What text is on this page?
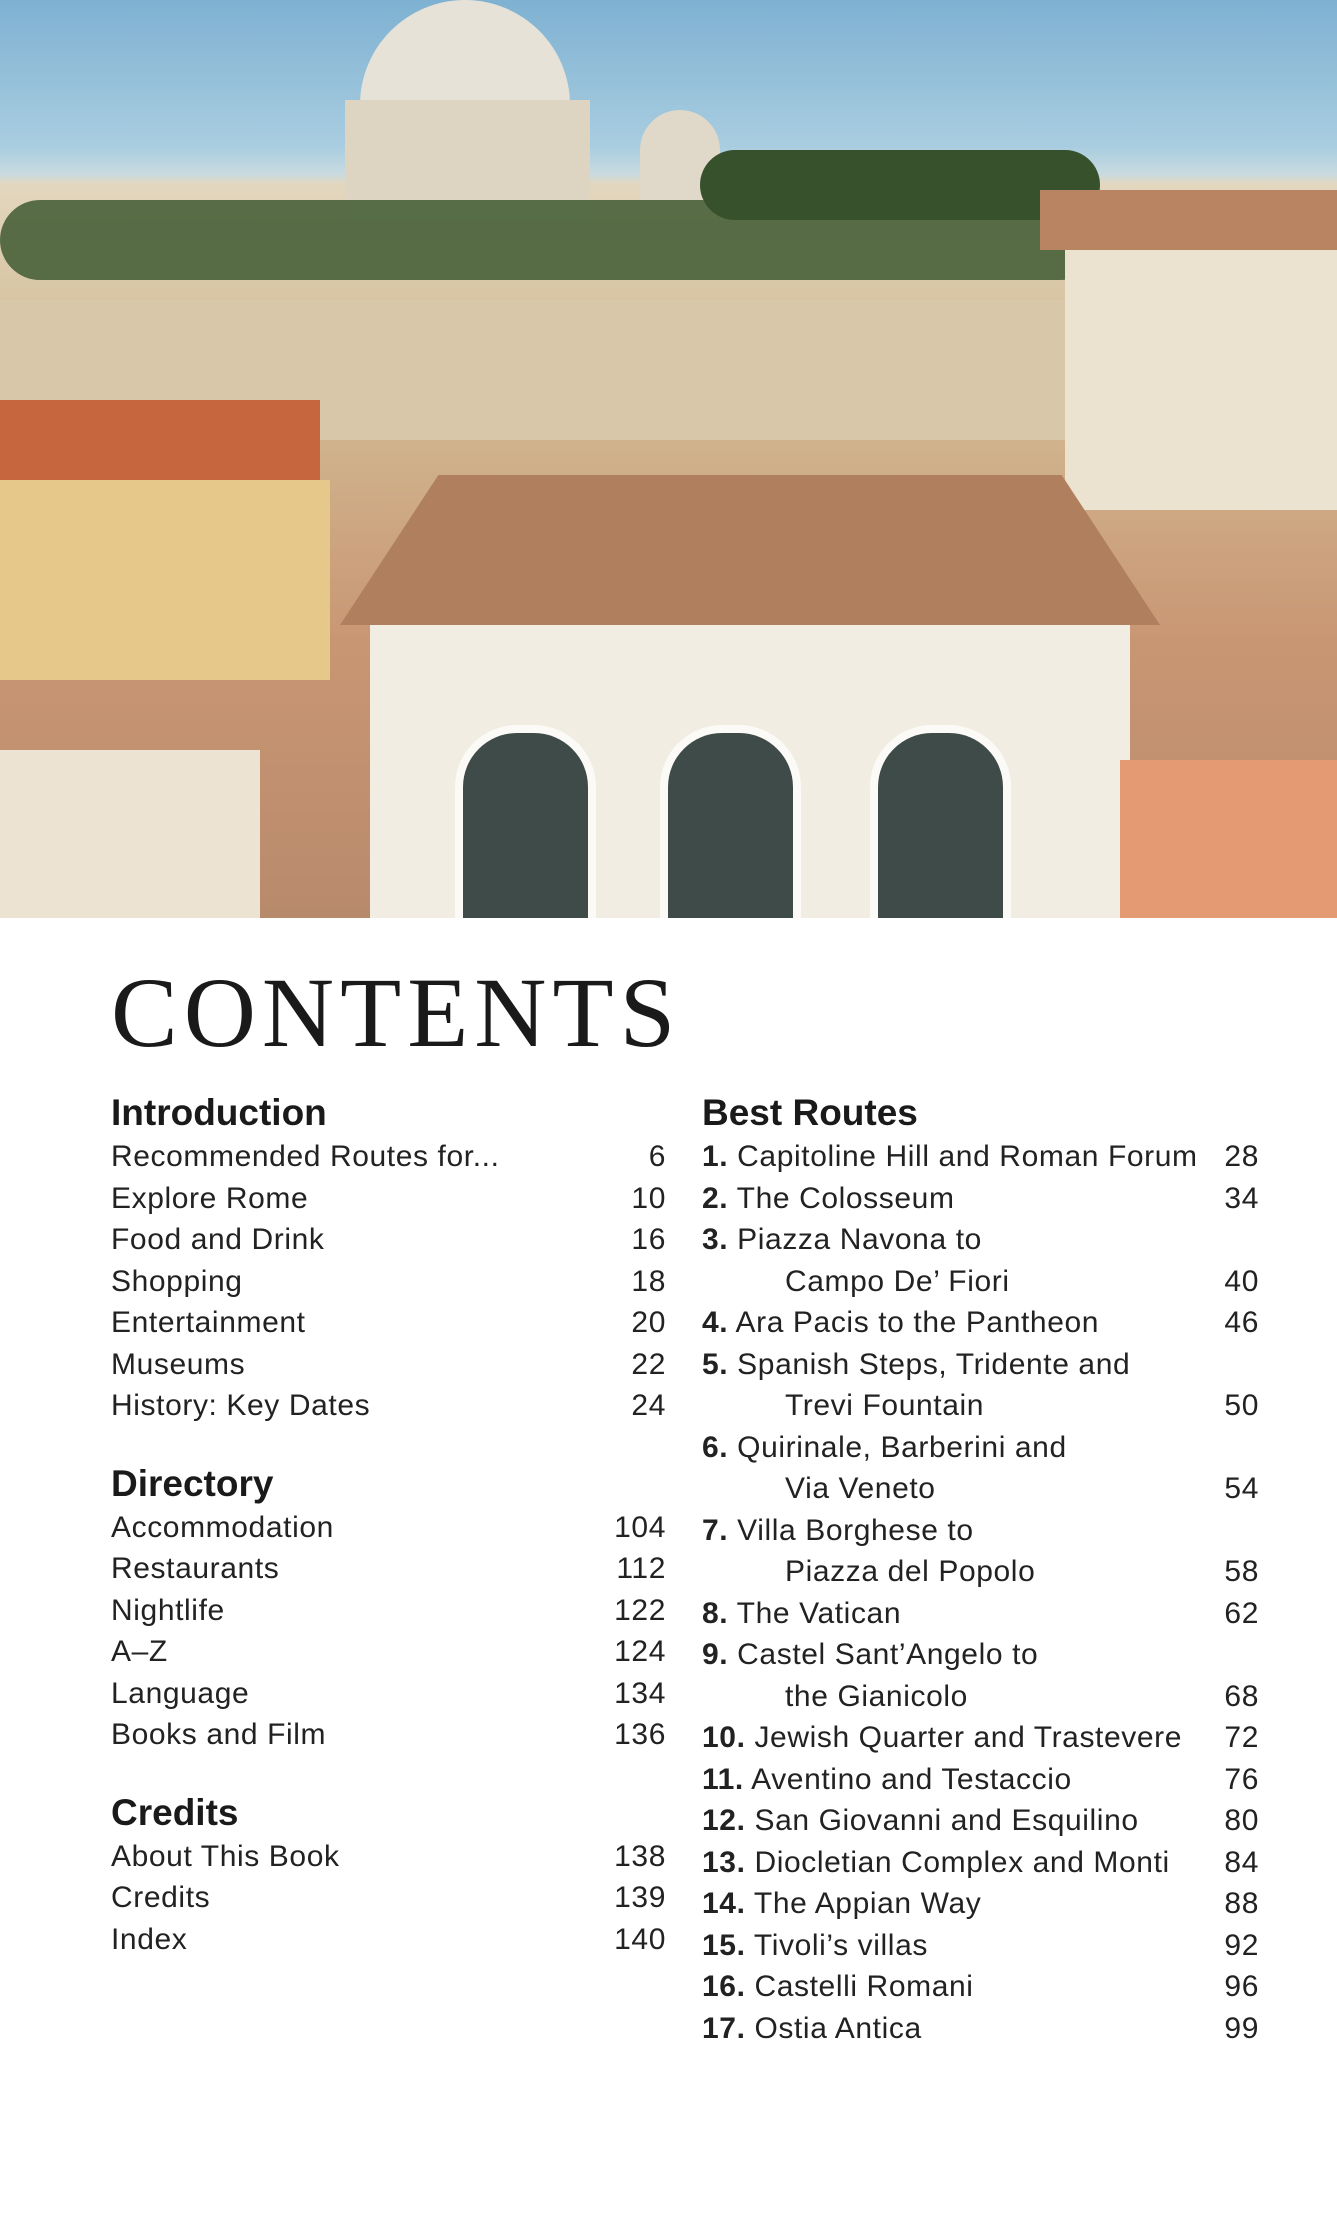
CONTENTS
Introduction
Recommended Routes for...	6
Explore Rome	10
Food and Drink	16
Shopping	18
Entertainment	20
Museums	22
History: Key Dates	24
Directory
Accommodation	104
Restaurants	112
Nightlife	122
A–Z	124
Language	134
Books and Film	136
Credits
About This Book	138
Credits	139
Index	140
Best Routes
1. Capitoline Hill and Roman Forum 28
2. The Colosseum	34
3. Piazza Navona to
Campo De’ Fiori	40
4. Ara Pacis to the Pantheon	46
5. Spanish Steps, Tridente and
Trevi Fountain	50
6. Quirinale, Barberini and
Via Veneto	54
7. Villa Borghese to
Piazza del Popolo	58
8. The Vatican	62
9. Castel Sant’Angelo to
the Gianicolo	68
10. Jewish Quarter and Trastevere 72
11. Aventino and Testaccio	76
12. San Giovanni and Esquilino	80
13. Diocletian Complex and Monti 84
14. The Appian Way	88
15. Tivoli’s villas	92
16. Castelli Romani	96
17. Ostia Antica	99
